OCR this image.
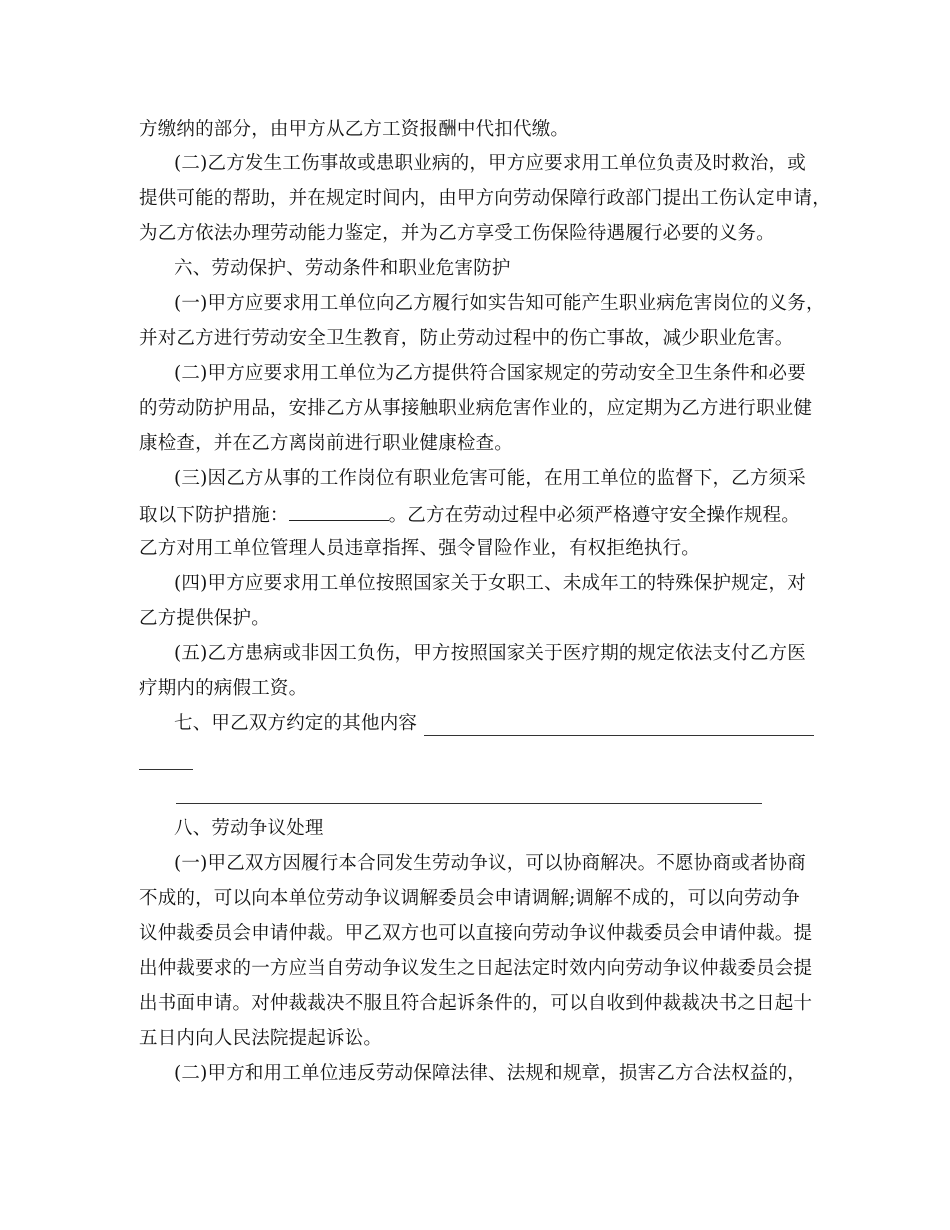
方缴纳的部分，由甲方从乙方工资报酬中代扣代缴。
(二)乙方发生工伤事故或患职业病的，甲方应要求用工单位负责及时救治，或
提供可能的帮助，并在规定时间内，由甲方向劳动保障行政部门提出工伤认定申请，
为乙方依法办理劳动能力鉴定，并为乙方享受工伤保险待遇履行必要的义务。
六、劳动保护、劳动条件和职业危害防护
(一)甲方应要求用工单位向乙方履行如实告知可能产生职业病危害岗位的义务，
并对乙方进行劳动安全卫生教育，防止劳动过程中的伤亡事故，减少职业危害。
(二)甲方应要求用工单位为乙方提供符合国家规定的劳动安全卫生条件和必要
的劳动防护用品，安排乙方从事接触职业病危害作业的，应定期为乙方进行职业健
康检查，并在乙方离岗前进行职业健康检查。
(三)因乙方从事的工作岗位有职业危害可能，在用工单位的监督下，乙方须采
取以下防护措施：	。乙方在劳动过程中必须严格遵守安全操作规程。
乙方对用工单位管理人员违章指挥、强令冒险作业，有权拒绝执行。
(四)甲方应要求用工单位按照国家关于女职工、未成年工的特殊保护规定，对
乙方提供保护。
(五)乙方患病或非因工负伤，甲方按照国家关于医疗期的规定依法支付乙方医
疗期内的病假工资。
七、甲乙双方约定的其他内容
八、劳动争议处理
(一)甲乙双方因履行本合同发生劳动争议，可以协商解决。不愿协商或者协商
不成的，可以向本单位劳动争议调解委员会申请调解;调解不成的，可以向劳动争
议仲裁委员会申请仲裁。甲乙双方也可以直接向劳动争议仲裁委员会申请仲裁。提
出仲裁要求的一方应当自劳动争议发生之日起法定时效内向劳动争议仲裁委员会提
出书面申请。对仲裁裁决不服且符合起诉条件的，可以自收到仲裁裁决书之日起十
五日内向人民法院提起诉讼。
(二)甲方和用工单位违反劳动保障法律、法规和规章，损害乙方合法权益的，
